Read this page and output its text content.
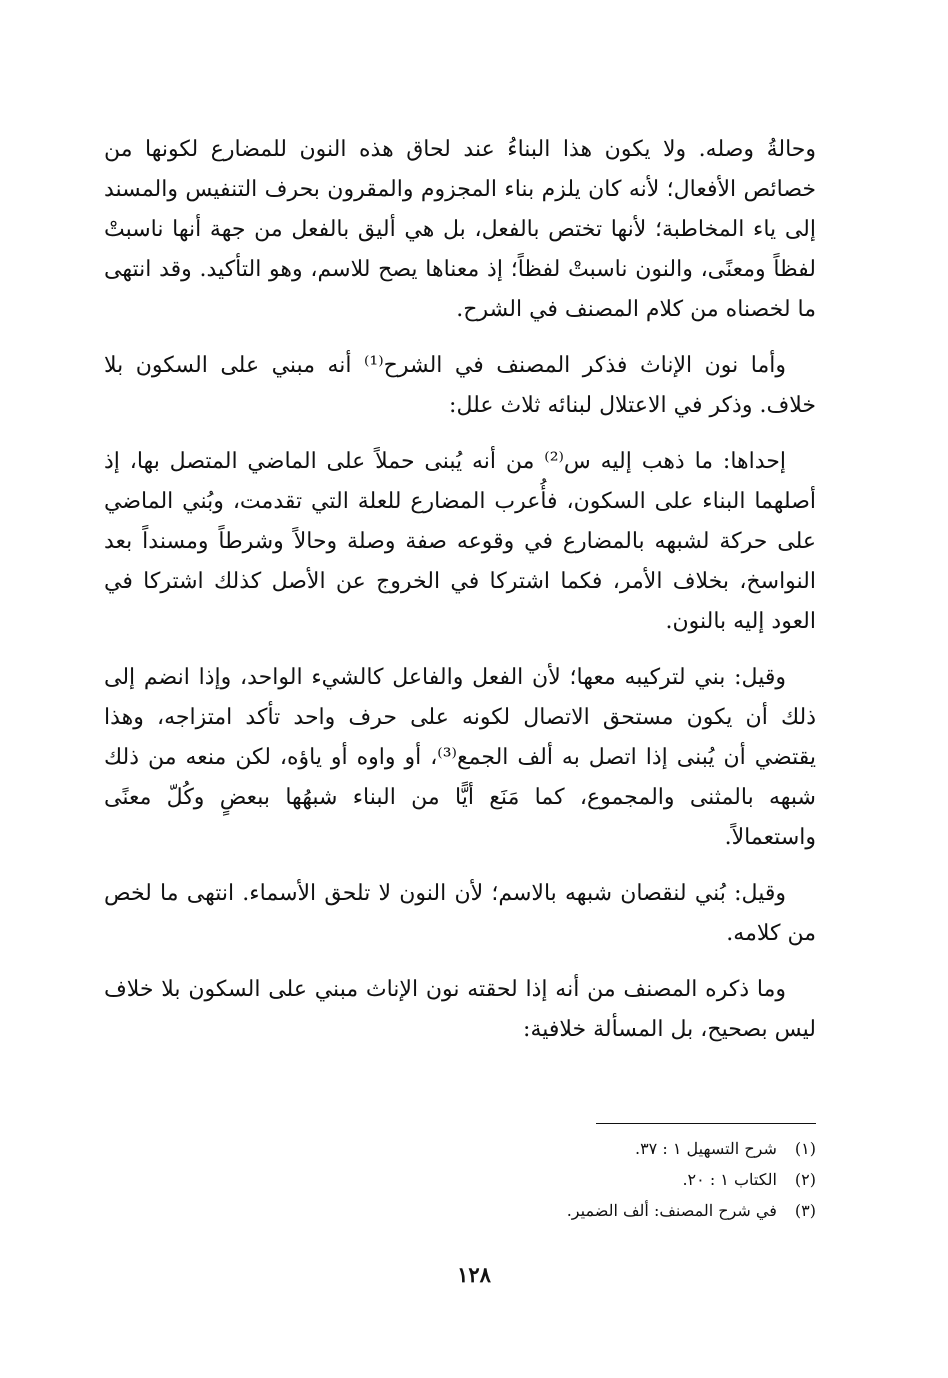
وحالةُ وصله. ولا يكون هذا البناءُ عند لحاق هذه النون للمضارع لكونها من خصائص الأفعال؛ لأنه كان يلزم بناء المجزوم والمقرون بحرف التنفيس والمسند إلى ياء المخاطبة؛ لأنها تختص بالفعل، بل هي أليق بالفعل من جهة أنها ناسبتْ لفظاً ومعنًى، والنون ناسبتْ لفظاً؛ إذ معناها يصح للاسم، وهو التأكيد. وقد انتهى ما لخصناه من كلام المصنف في الشرح.

وأما نون الإناث فذكر المصنف في الشرح⁽¹⁾ أنه مبني على السكون بلا خلاف. وذكر في الاعتلال لبنائه ثلاث علل:

إحداها: ما ذهب إليه س⁽²⁾ من أنه يُبنى حملاً على الماضي المتصل بها، إذ أصلهما البناء على السكون، فأُعرب المضارع للعلة التي تقدمت، وبُني الماضي على حركة لشبهه بالمضارع في وقوعه صفة وصلة وحالاً وشرطاً ومسنداً بعد النواسخ، بخلاف الأمر، فكما اشتركا في الخروج عن الأصل كذلك اشتركا في العود إليه بالنون.

وقيل: بني لتركيبه معها؛ لأن الفعل والفاعل كالشيء الواحد، وإذا انضم إلى ذلك أن يكون مستحق الاتصال لكونه على حرف واحد تأكد امتزاجه، وهذا يقتضي أن يُبنى إذا اتصل به ألف الجمع⁽³⁾، أو واوه أو ياؤه، لكن منعه من ذلك شبهه بالمثنى والمجموع، كما مَنَع أيًّا من البناء شبهُها ببعضٍ وكُلّ معنًى واستعمالاً.

وقيل: بُني لنقصان شبهه بالاسم؛ لأن النون لا تلحق الأسماء. انتهى ما لخص من كلامه.

وما ذكره المصنف من أنه إذا لحقته نون الإناث مبني على السكون بلا خلاف ليس بصحيح، بل المسألة خلافية:

(١) شرح التسهيل ١ : ٣٧.
(٢) الكتاب ١ : ٢٠.
(٣) في شرح المصنف: ألف الضمير.
١٢٨
